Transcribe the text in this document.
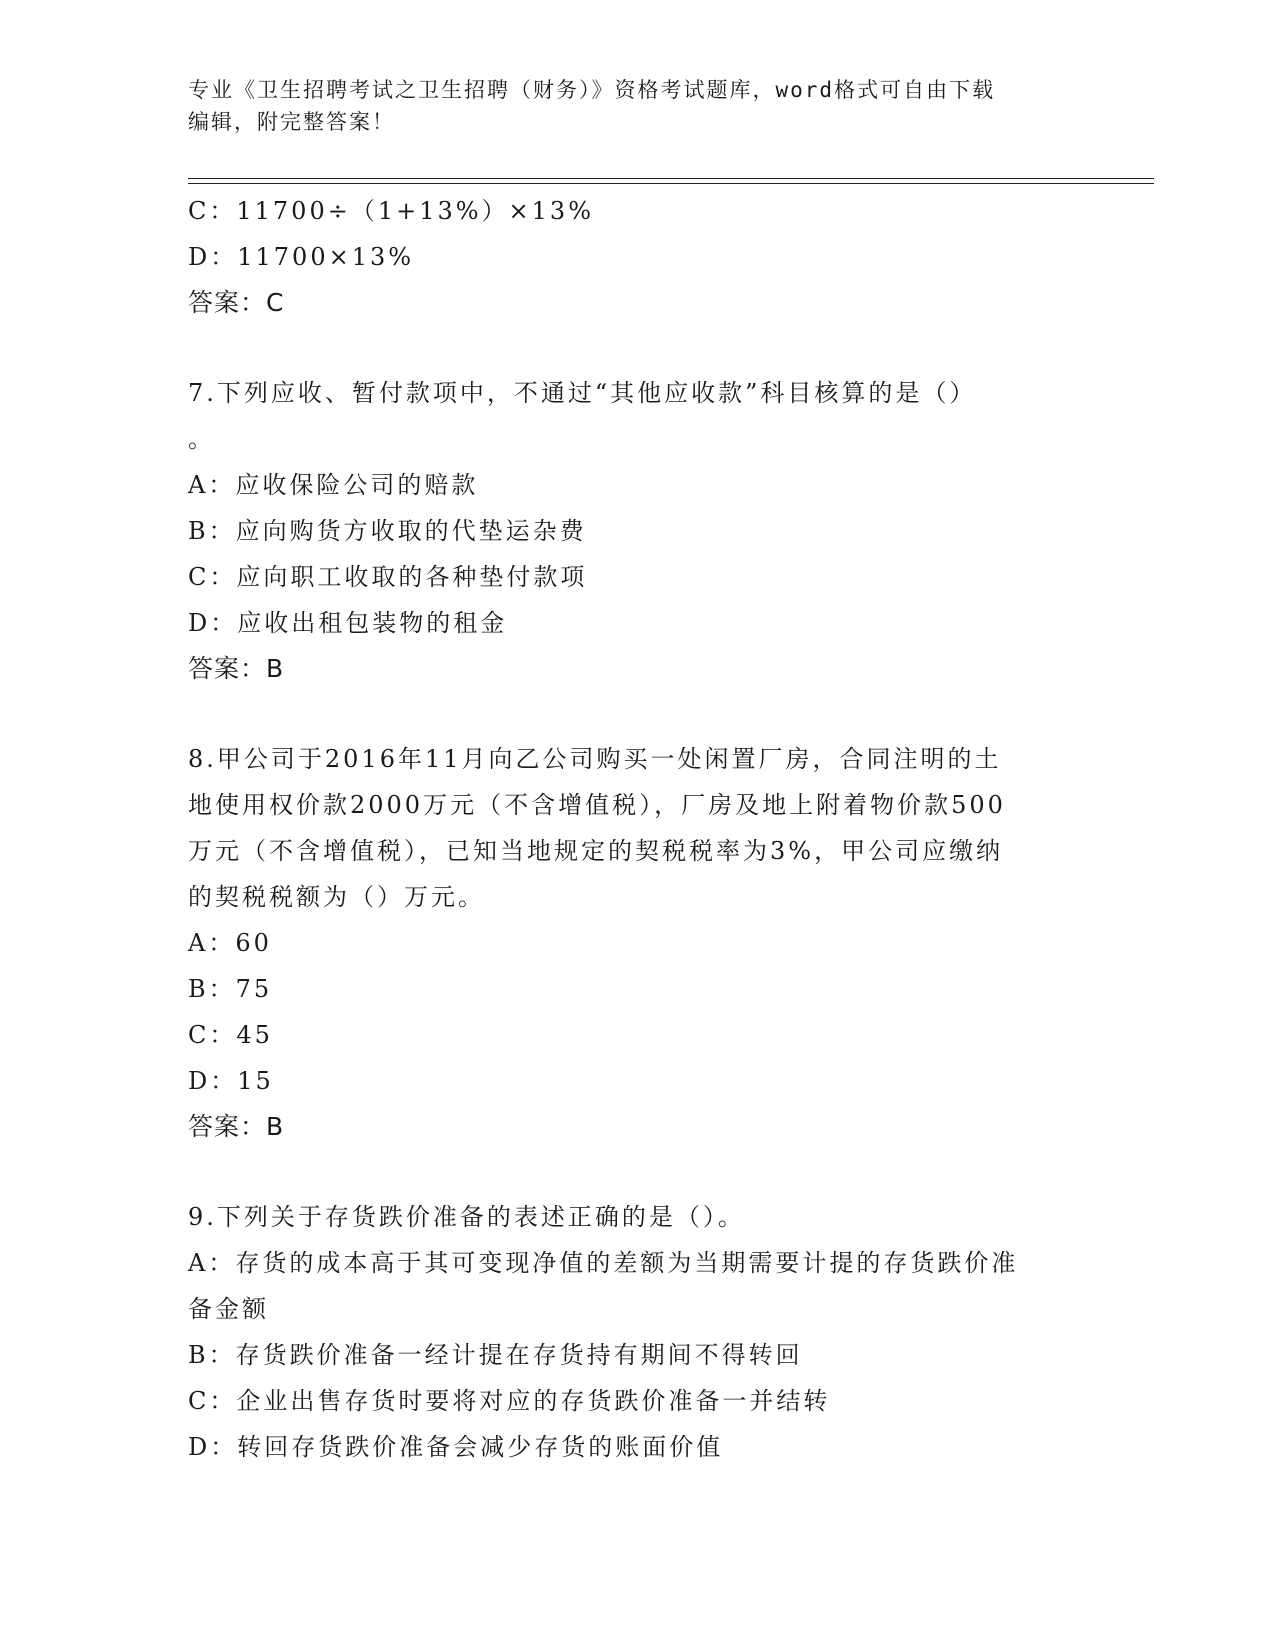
专业《卫生招聘考试之卫生招聘（财务）》资格考试题库，word格式可自由下载
编辑，附完整答案！
C：11700÷（1+13%）×13%
D：11700×13%
答案：C
7.下列应收、暂付款项中，不通过“其他应收款”科目核算的是（）
。
A：应收保险公司的赔款
B：应向购货方收取的代垫运杂费
C：应向职工收取的各种垫付款项
D：应收出租包装物的租金
答案：B
8.甲公司于2016年11月向乙公司购买一处闲置厂房，合同注明的土
地使用权价款2000万元（不含增值税），厂房及地上附着物价款500
万元（不含增值税），已知当地规定的契税税率为3%，甲公司应缴纳
的契税税额为（）万元。
A：60
B：75
C：45
D：15
答案：B
9.下列关于存货跌价准备的表述正确的是（）。
A：存货的成本高于其可变现净值的差额为当期需要计提的存货跌价准
备金额
B：存货跌价准备一经计提在存货持有期间不得转回
C：企业出售存货时要将对应的存货跌价准备一并结转
D：转回存货跌价准备会减少存货的账面价值
